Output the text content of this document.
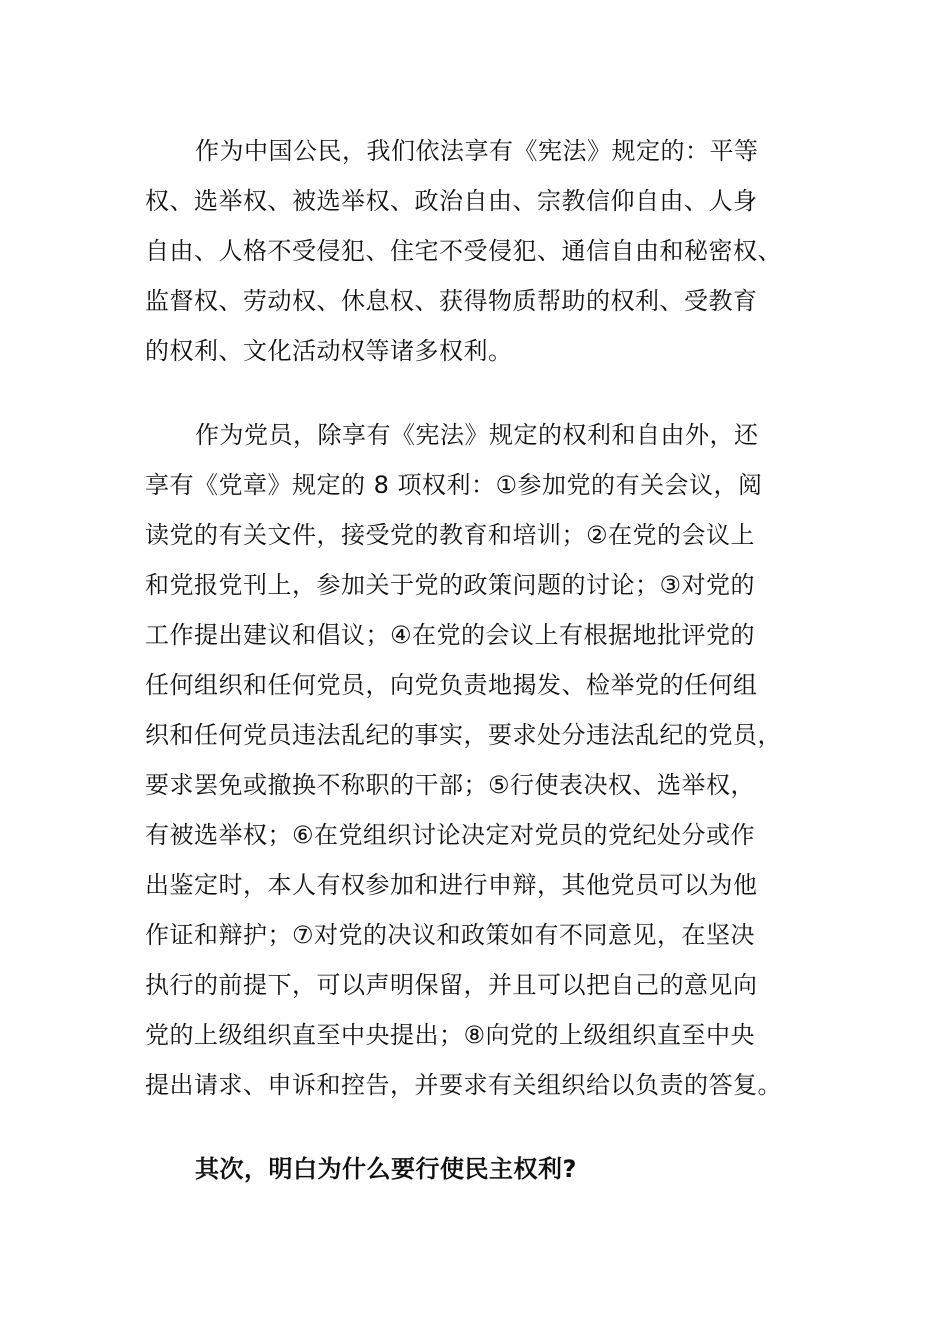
作为中国公民，我们依法享有《宪法》规定的：平等
权、选举权、被选举权、政治自由、宗教信仰自由、人身
自由、人格不受侵犯、住宅不受侵犯、通信自由和秘密权、
监督权、劳动权、休息权、获得物质帮助的权利、受教育
的权利、文化活动权等诸多权利。
作为党员，除享有《宪法》规定的权利和自由外，还
享有《党章》规定的 8 项权利：①参加党的有关会议，阅
读党的有关文件，接受党的教育和培训；②在党的会议上
和党报党刊上，参加关于党的政策问题的讨论；③对党的
工作提出建议和倡议；④在党的会议上有根据地批评党的
任何组织和任何党员，向党负责地揭发、检举党的任何组
织和任何党员违法乱纪的事实，要求处分违法乱纪的党员，
要求罢免或撤换不称职的干部；⑤行使表决权、选举权，
有被选举权；⑥在党组织讨论决定对党员的党纪处分或作
出鉴定时，本人有权参加和进行申辩，其他党员可以为他
作证和辩护；⑦对党的决议和政策如有不同意见，在坚决
执行的前提下，可以声明保留，并且可以把自己的意见向
党的上级组织直至中央提出；⑧向党的上级组织直至中央
提出请求、申诉和控告，并要求有关组织给以负责的答复。
其次，明白为什么要行使民主权利?
